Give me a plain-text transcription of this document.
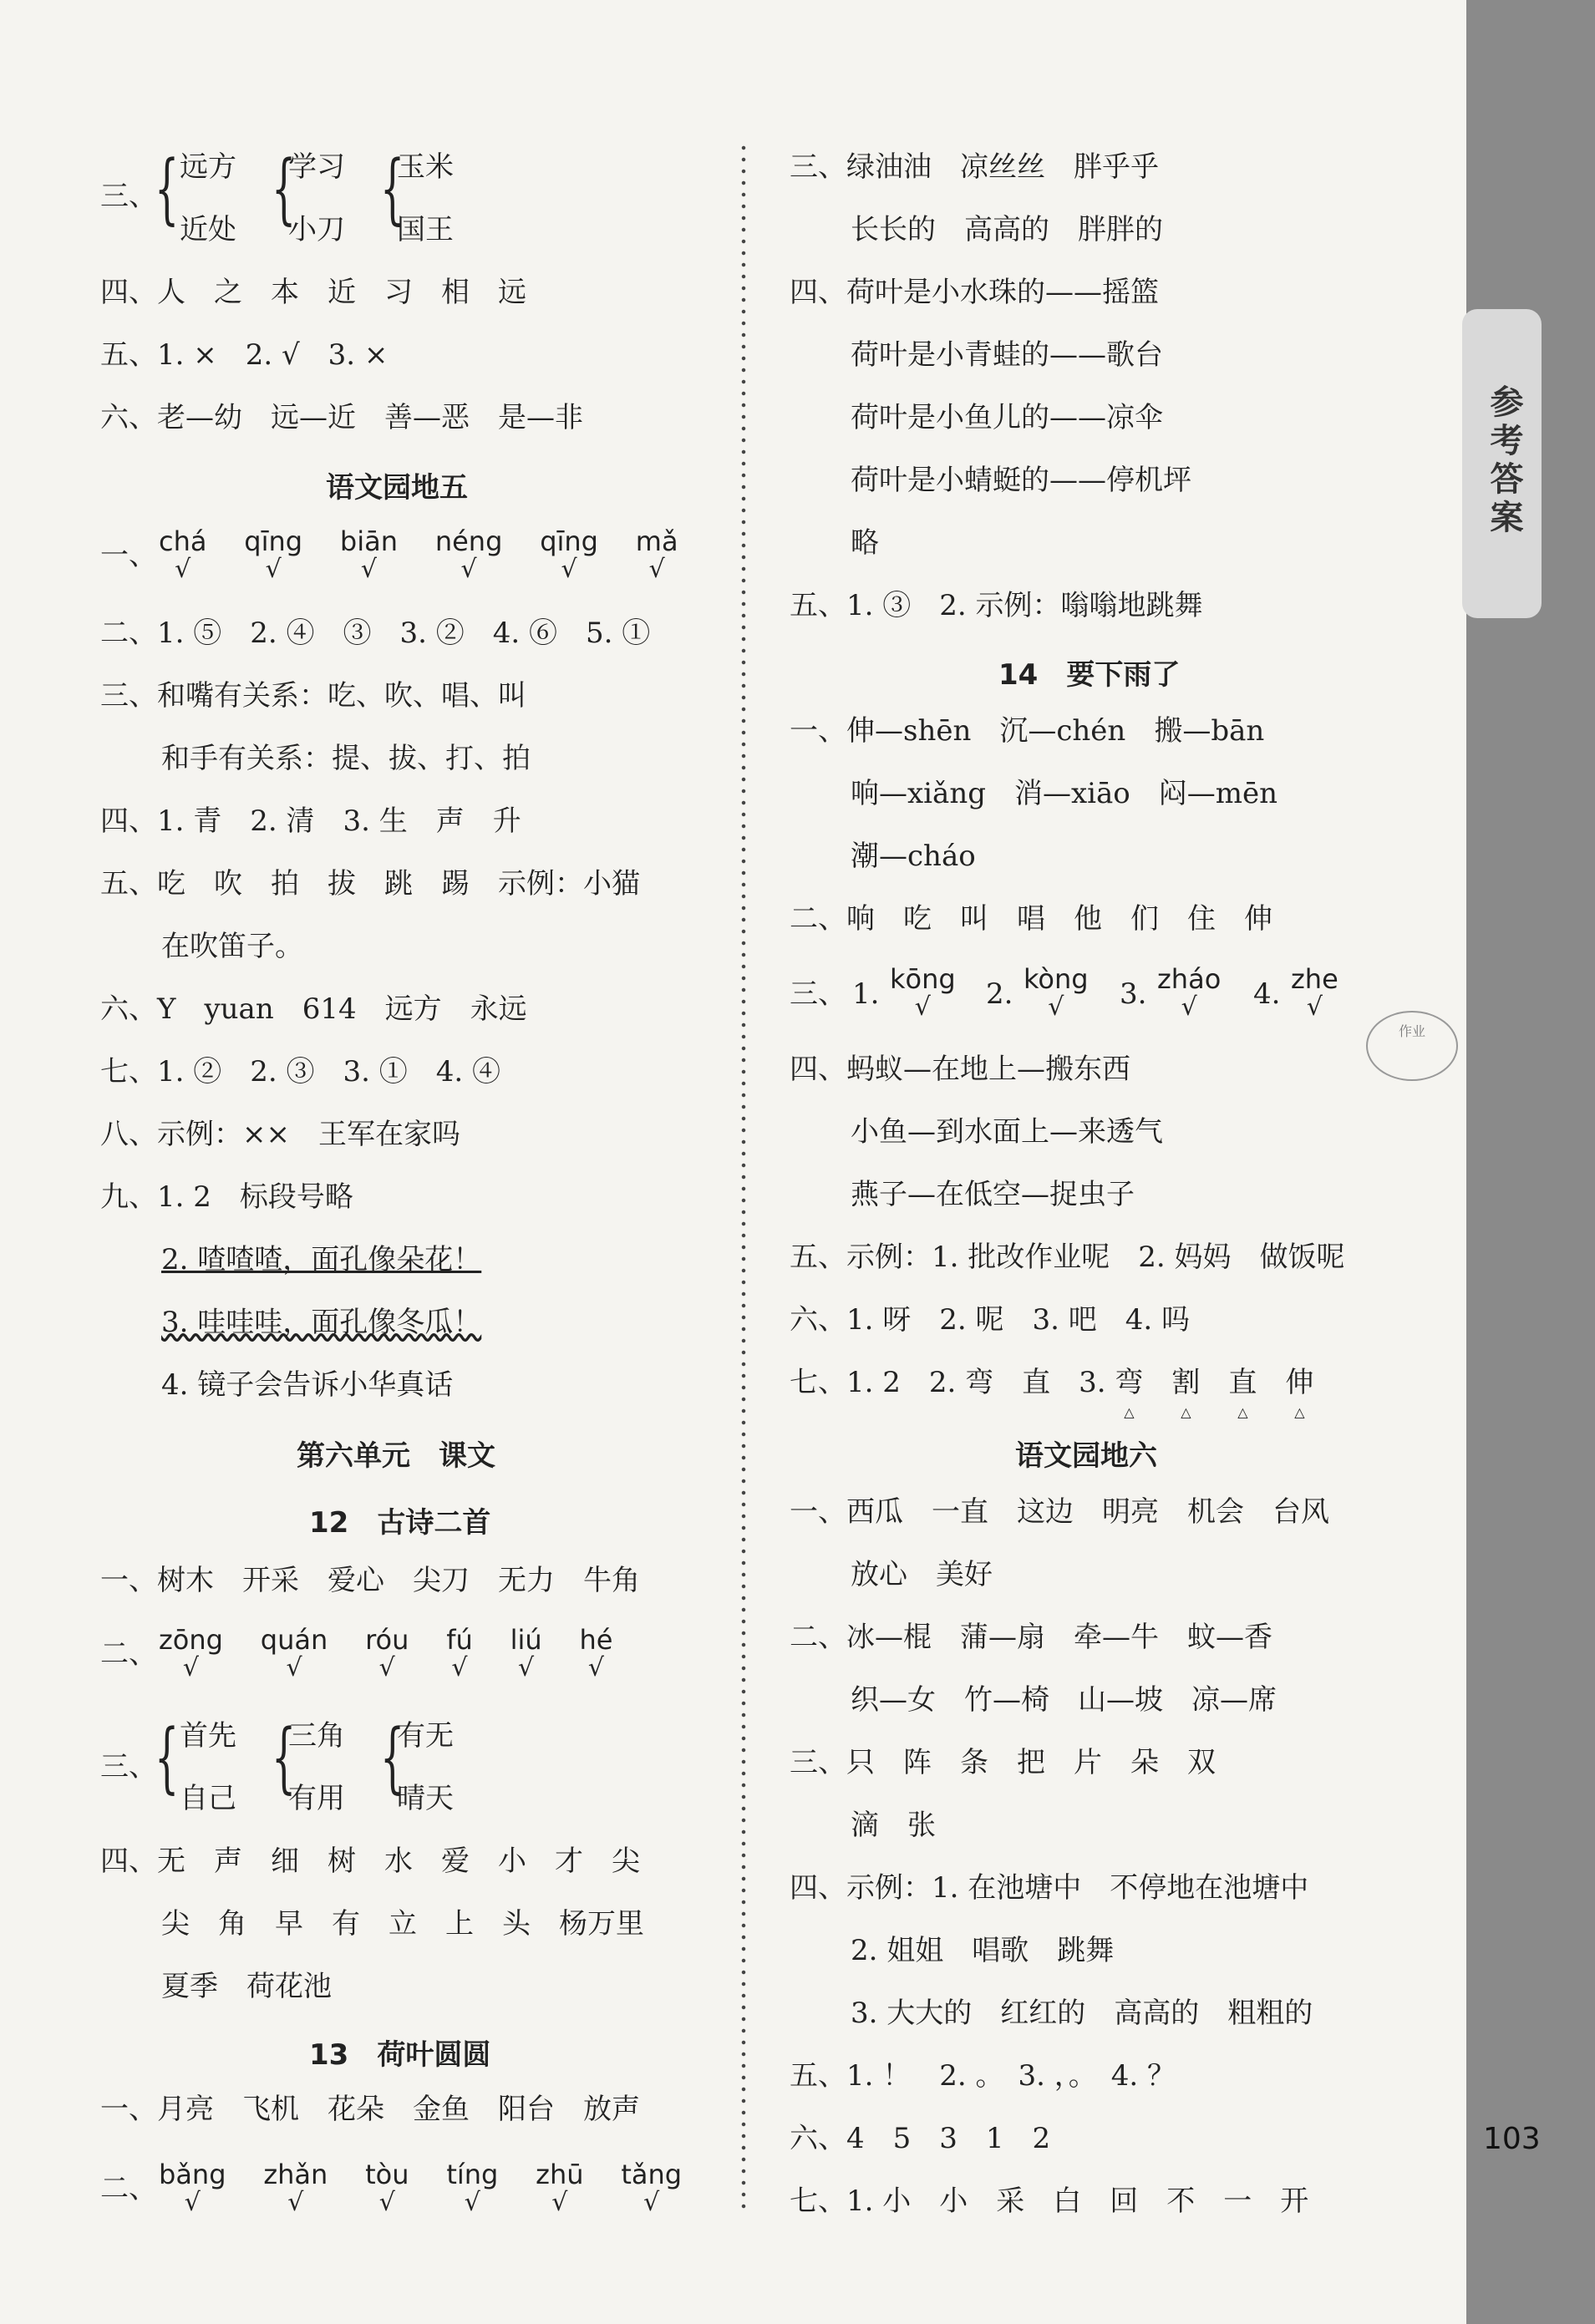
参考答案
103
作业
三、
{ 远方
近处 {
学习
小刀 {
玉米
国王
四、人　之　本　近　习　相　远
五、1. ×　2. √　3. ×
六、老—幼　远—近　善—恶　是—非
语文园地五
一、 chá
√
qīng
√
biān
√
néng
√
qīng
√
mǎ
√
二、1. ⑤　2. ④　③　3. ②　4. ⑥　5. ①
三、和嘴有关系：吃、吹、唱、叫
和手有关系：提、拔、打、拍
四、1. 青　2. 清　3. 生　声　升
五、吃　吹　拍　拔　跳　踢　示例：小猫
在吹笛子。
六、Y　yuan　614　远方　永远
七、1. ②　2. ③　3. ①　4. ④
八、示例：××　王军在家吗
九、1. 2　标段号略
2. 喳喳喳，面孔像朵花！
3. 哇哇哇，面孔像冬瓜！
4. 镜子会告诉小华真话
第六单元　课文
12　古诗二首
一、树木　开采　爱心　尖刀　无力　牛角
二、 zōng
√
quán
√
róu
√
fú
√
liú
√
hé
√
三、
{ 首先
自己 {
三角
有用 {
有无
晴天
四、无　声　细　树　水　爱　小　才　尖
尖　角　早　有　立　上　头　杨万里
夏季　荷花池
13　荷叶圆圆
一、月亮　飞机　花朵　金鱼　阳台　放声
二、 bǎng
√
zhǎn
√
tòu
√
tíng
√
zhū
√
tǎng
√
三、绿油油　凉丝丝　胖乎乎
长长的　高高的　胖胖的
四、荷叶是小水珠的——摇篮
荷叶是小青蛙的——歌台
荷叶是小鱼儿的——凉伞
荷叶是小蜻蜓的——停机坪
略
五、1. ③　2. 示例：嗡嗡地跳舞
14　要下雨了
一、伸—shēn　沉—chén　搬—bān
响—xiǎng　消—xiāo　闷—mēn
潮—cháo
二、响　吃　叫　唱　他　们　住　伸
三、 1. kōng
√ 2. kòng
√ 3. zháo
√ 4. zhe
√
四、蚂蚁—在地上—搬东西
小鱼—到水面上—来透气
燕子—在低空—捉虫子
五、示例：1. 批改作业呢　2. 妈妈　做饭呢
六、1. 呀　2. 呢　3. 吧　4. 吗
七、1. 2　2. 弯　直　3. 弯 △　 割 △　 直 △　 伸 △
语文园地六
一、西瓜　一直　这边　明亮　机会　台风
放心　美好
二、冰—棍　蒲—扇　牵—牛　蚊—香
织—女　竹—椅　山—坡　凉—席
三、只　阵　条　把　片　朵　双
滴　张
四、示例：1. 在池塘中　不停地在池塘中
2. 姐姐　唱歌　跳舞
3. 大大的　红红的　高高的　粗粗的
五、1. ！　2. 。　3. ，。　4. ？
六、4　5　3　1　2
七、1. 小　小　采　白　回　不　一　开
